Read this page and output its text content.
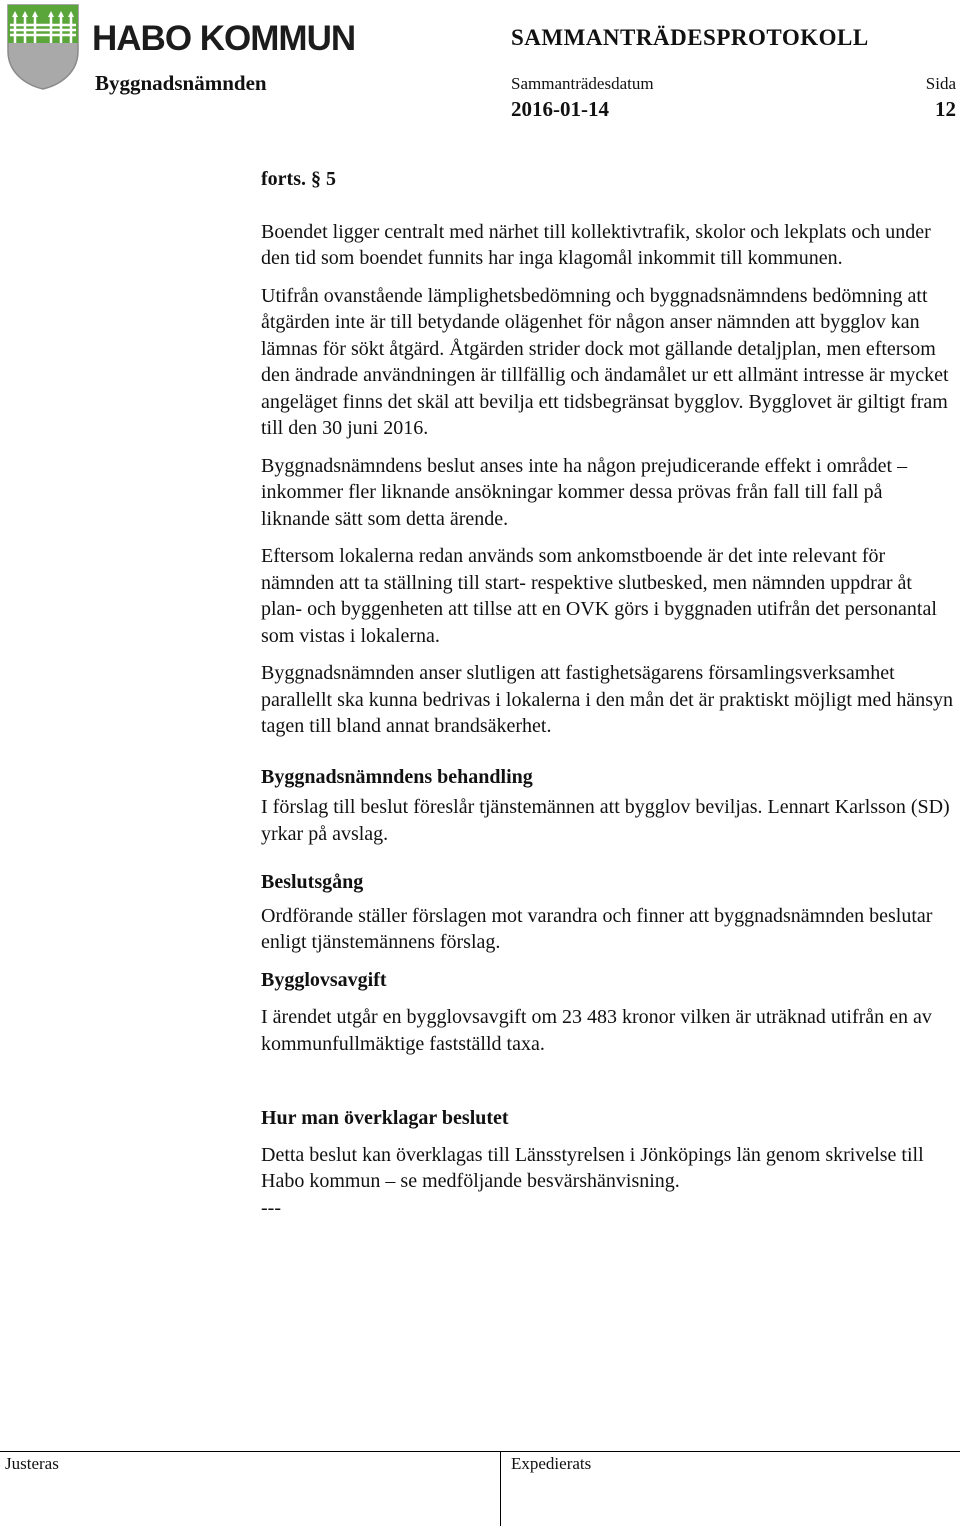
HABO KOMMUN	SAMMANTRÄDESPROTOKOLL
Byggnadsnämnden	Sammanträdesdatum
2016-01-14
Sida
12

forts. § 5

Boendet ligger centralt med närhet till kollektivtrafik, skolor och lekplats och under den tid som boendet funnits har inga klagomål inkommit till kommunen.

Utifrån ovanstående lämplighetsbedömning och byggnadsnämndens bedömning att åtgärden inte är till betydande olägenhet för någon anser nämnden att bygglov kan lämnas för sökt åtgärd. Åtgärden strider dock mot gällande detaljplan, men eftersom den ändrade användningen är tillfällig och ändamålet ur ett allmänt intresse är mycket angeläget finns det skäl att bevilja ett tidsbegränsat bygglov. Bygglovet är giltigt fram till den 30 juni 2016.

Byggnadsnämndens beslut anses inte ha någon prejudicerande effekt i området – inkommer fler liknande ansökningar kommer dessa prövas från fall till fall på liknande sätt som detta ärende.

Eftersom lokalerna redan används som ankomstboende är det inte relevant för nämnden att ta ställning till start- respektive slutbesked, men nämnden uppdrar åt plan- och byggenheten att tillse att en OVK görs i byggnaden utifrån det personantal som vistas i lokalerna.

Byggnadsnämnden anser slutligen att fastighetsägarens församlingsverksamhet parallellt ska kunna bedrivas i lokalerna i den mån det är praktiskt möjligt med hänsyn tagen till bland annat brandsäkerhet.

Byggnadsnämndens behandling

I förslag till beslut föreslår tjänstemännen att bygglov beviljas. Lennart Karlsson (SD) yrkar på avslag.

Beslutsgång

Ordförande ställer förslagen mot varandra och finner att byggnadsnämnden beslutar enligt tjänstemännens förslag.

Bygglovsavgift

I ärendet utgår en bygglovsavgift om 23 483 kronor vilken är uträknad utifrån en av kommunfullmäktige fastställd taxa.

Hur man överklagar beslutet

Detta beslut kan överklagas till Länsstyrelsen i Jönköpings län genom skrivelse till Habo kommun – se medföljande besvärshänvisning.

---

Justeras	Expedierats
